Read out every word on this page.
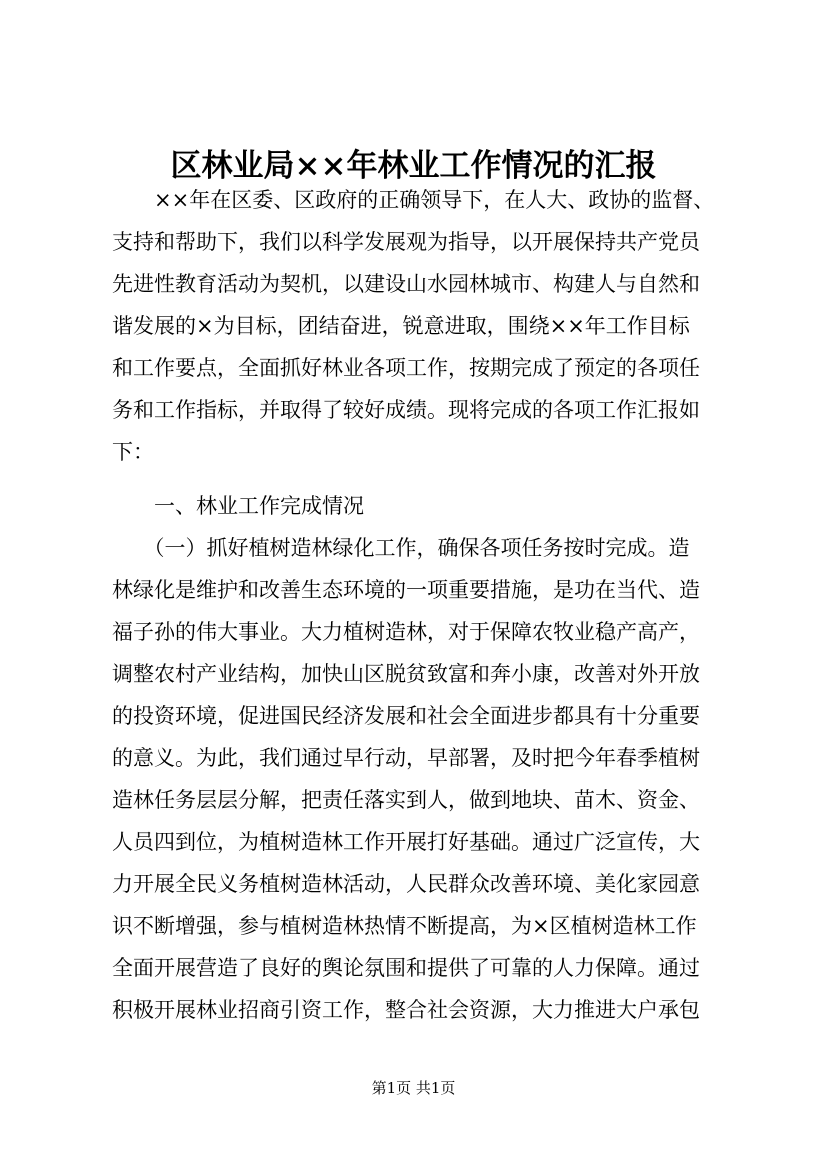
区林业局××年林业工作情况的汇报
　　××年在区委、区政府的正确领导下，在人大、政协的监督、
支持和帮助下，我们以科学发展观为指导，以开展保持共产党员
先进性教育活动为契机，以建设山水园林城市、构建人与自然和
谐发展的×为目标，团结奋进，锐意进取，围绕××年工作目标
和工作要点，全面抓好林业各项工作，按期完成了预定的各项任
务和工作指标，并取得了较好成绩。现将完成的各项工作汇报如
下：
　　一、林业工作完成情况
　　（一）抓好植树造林绿化工作，确保各项任务按时完成。造
林绿化是维护和改善生态环境的一项重要措施，是功在当代、造
福子孙的伟大事业。大力植树造林，对于保障农牧业稳产高产，
调整农村产业结构，加快山区脱贫致富和奔小康，改善对外开放
的投资环境，促进国民经济发展和社会全面进步都具有十分重要
的意义。为此，我们通过早行动，早部署，及时把今年春季植树
造林任务层层分解，把责任落实到人，做到地块、苗木、资金、
人员四到位，为植树造林工作开展打好基础。通过广泛宣传，大
力开展全民义务植树造林活动，人民群众改善环境、美化家园意
识不断增强，参与植树造林热情不断提高，为×区植树造林工作
全面开展营造了良好的舆论氛围和提供了可靠的人力保障。通过
积极开展林业招商引资工作，整合社会资源，大力推进大户承包
第1页 共1页
